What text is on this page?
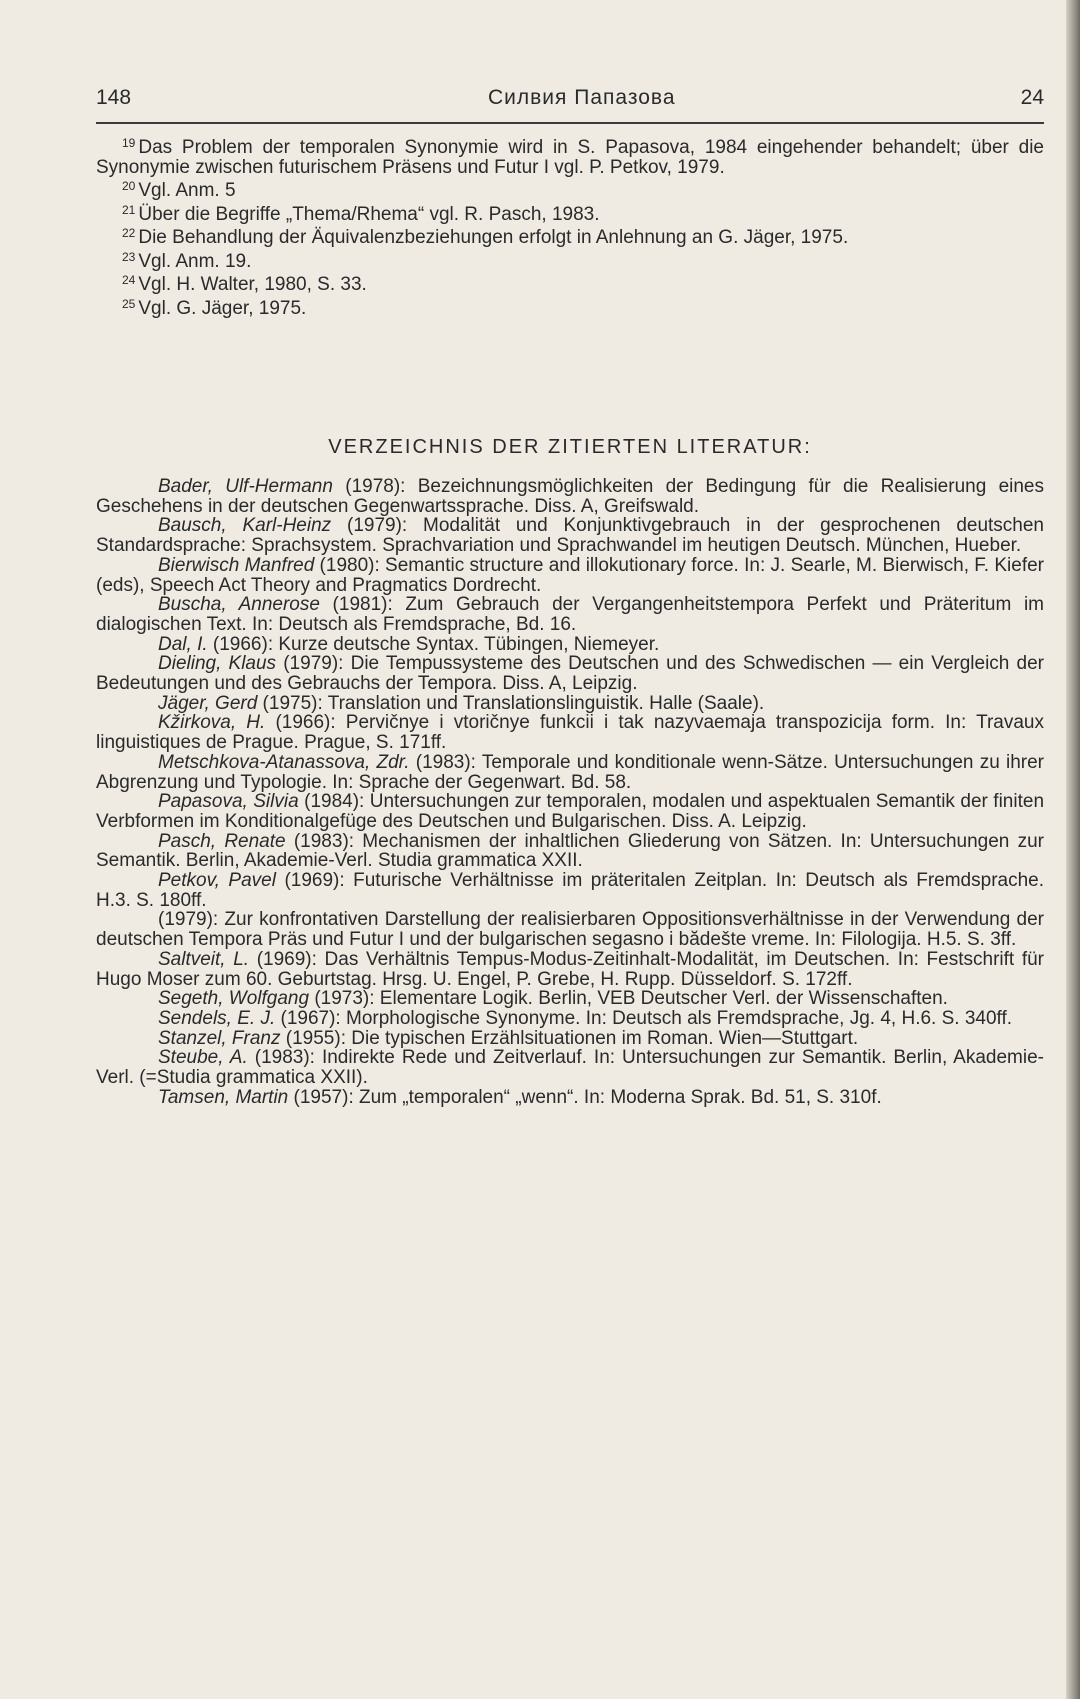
148	Силвия Папазова	24

$^{19}$ Das Problem der temporalen Synonymie wird in S. Papasova, 1984 eingehender behandelt; über die Synonymie zwischen futurischem Präsens und Futur I vgl. P. Petkov, 1979.

$^{20}$ Vgl. Anm. 5

$^{21}$ Über die Begriffe „Thema/Rhema“ vgl. R. Pasch, 1983.

$^{22}$ Die Behandlung der Äquivalenzbeziehungen erfolgt in Anlehnung an G. Jäger, 1975.

$^{23}$ Vgl. Anm. 19.

$^{24}$ Vgl. H. Walter, 1980, S. 33.

$^{25}$ Vgl. G. Jäger, 1975.

VERZEICHNIS DER ZITIERTEN LITERATUR:

Bader, Ulf-Hermann (1978): Bezeichnungsmöglichkeiten der Bedingung für die Realisierung eines Geschehens in der deutschen Gegenwartssprache. Diss. A, Greifswald.

Bausch, Karl-Heinz (1979): Modalität und Konjunktivgebrauch in der gesprochenen deutschen Standardsprache: Sprachsystem. Sprachvariation und Sprachwandel im heutigen Deutsch. München, Hueber.

Bierwisch Manfred (1980): Semantic structure and illokutionary force. In: J. Searle, M. Bierwisch, F. Kiefer (eds), Speech Act Theory and Pragmatics Dordrecht.

Buscha, Annerose (1981): Zum Gebrauch der Vergangenheitstempora Perfekt und Präteritum im dialogischen Text. In: Deutsch als Fremdsprache, Bd. 16.

Dal, I. (1966): Kurze deutsche Syntax. Tübingen, Niemeyer.

Dieling, Klaus (1979): Die Tempussysteme des Deutschen und des Schwedischen — ein Vergleich der Bedeutungen und des Gebrauchs der Tempora. Diss. A, Leipzig.

Jäger, Gerd (1975): Translation und Translationslinguistik. Halle (Saale).

Kžirkova, H. (1966): Pervičnye i vtoričnye funkcii i tak nazyvaemaja transpozicija form. In: Travaux linguistiques de Prague. Prague, S. 171ff.

Metschkova-Atanassova, Zdr. (1983): Temporale und konditionale wenn-Sätze. Untersuchungen zu ihrer Abgrenzung und Typologie. In: Sprache der Gegenwart. Bd. 58.

Papasova, Silvia (1984): Untersuchungen zur temporalen, modalen und aspektualen Semantik der finiten Verbformen im Konditionalgefüge des Deutschen und Bulgarischen. Diss. A. Leipzig.

Pasch, Renate (1983): Mechanismen der inhaltlichen Gliederung von Sätzen. In: Untersuchungen zur Semantik. Berlin, Akademie-Verl. Studia grammatica XXII.

Petkov, Pavel (1969): Futurische Verhältnisse im präteritalen Zeitplan. In: Deutsch als Fremdsprache. H.3. S. 180ff.

(1979): Zur konfrontativen Darstellung der realisierbaren Oppositionsverhältnisse in der Verwendung der deutschen Tempora Präs und Futur I und der bulgarischen segasno i bădešte vreme. In: Filologija. H.5. S. 3ff.

Saltveit, L. (1969): Das Verhältnis Tempus-Modus-Zeitinhalt-Modalität, im Deutschen. In: Festschrift für Hugo Moser zum 60. Geburtstag. Hrsg. U. Engel, P. Grebe, H. Rupp. Düsseldorf. S. 172ff.

Segeth, Wolfgang (1973): Elementare Logik. Berlin, VEB Deutscher Verl. der Wissenschaften.

Sendels, E. J. (1967): Morphologische Synonyme. In: Deutsch als Fremdsprache, Jg. 4, H.6. S. 340ff.

Stanzel, Franz (1955): Die typischen Erzählsituationen im Roman. Wien—Stuttgart.

Steube, A. (1983): Indirekte Rede und Zeitverlauf. In: Untersuchungen zur Semantik. Berlin, Akademie-Verl. (=Studia grammatica XXII).

Tamsen, Martin (1957): Zum „temporalen“ „wenn“. In: Moderna Sprak. Bd. 51, S. 310f.
